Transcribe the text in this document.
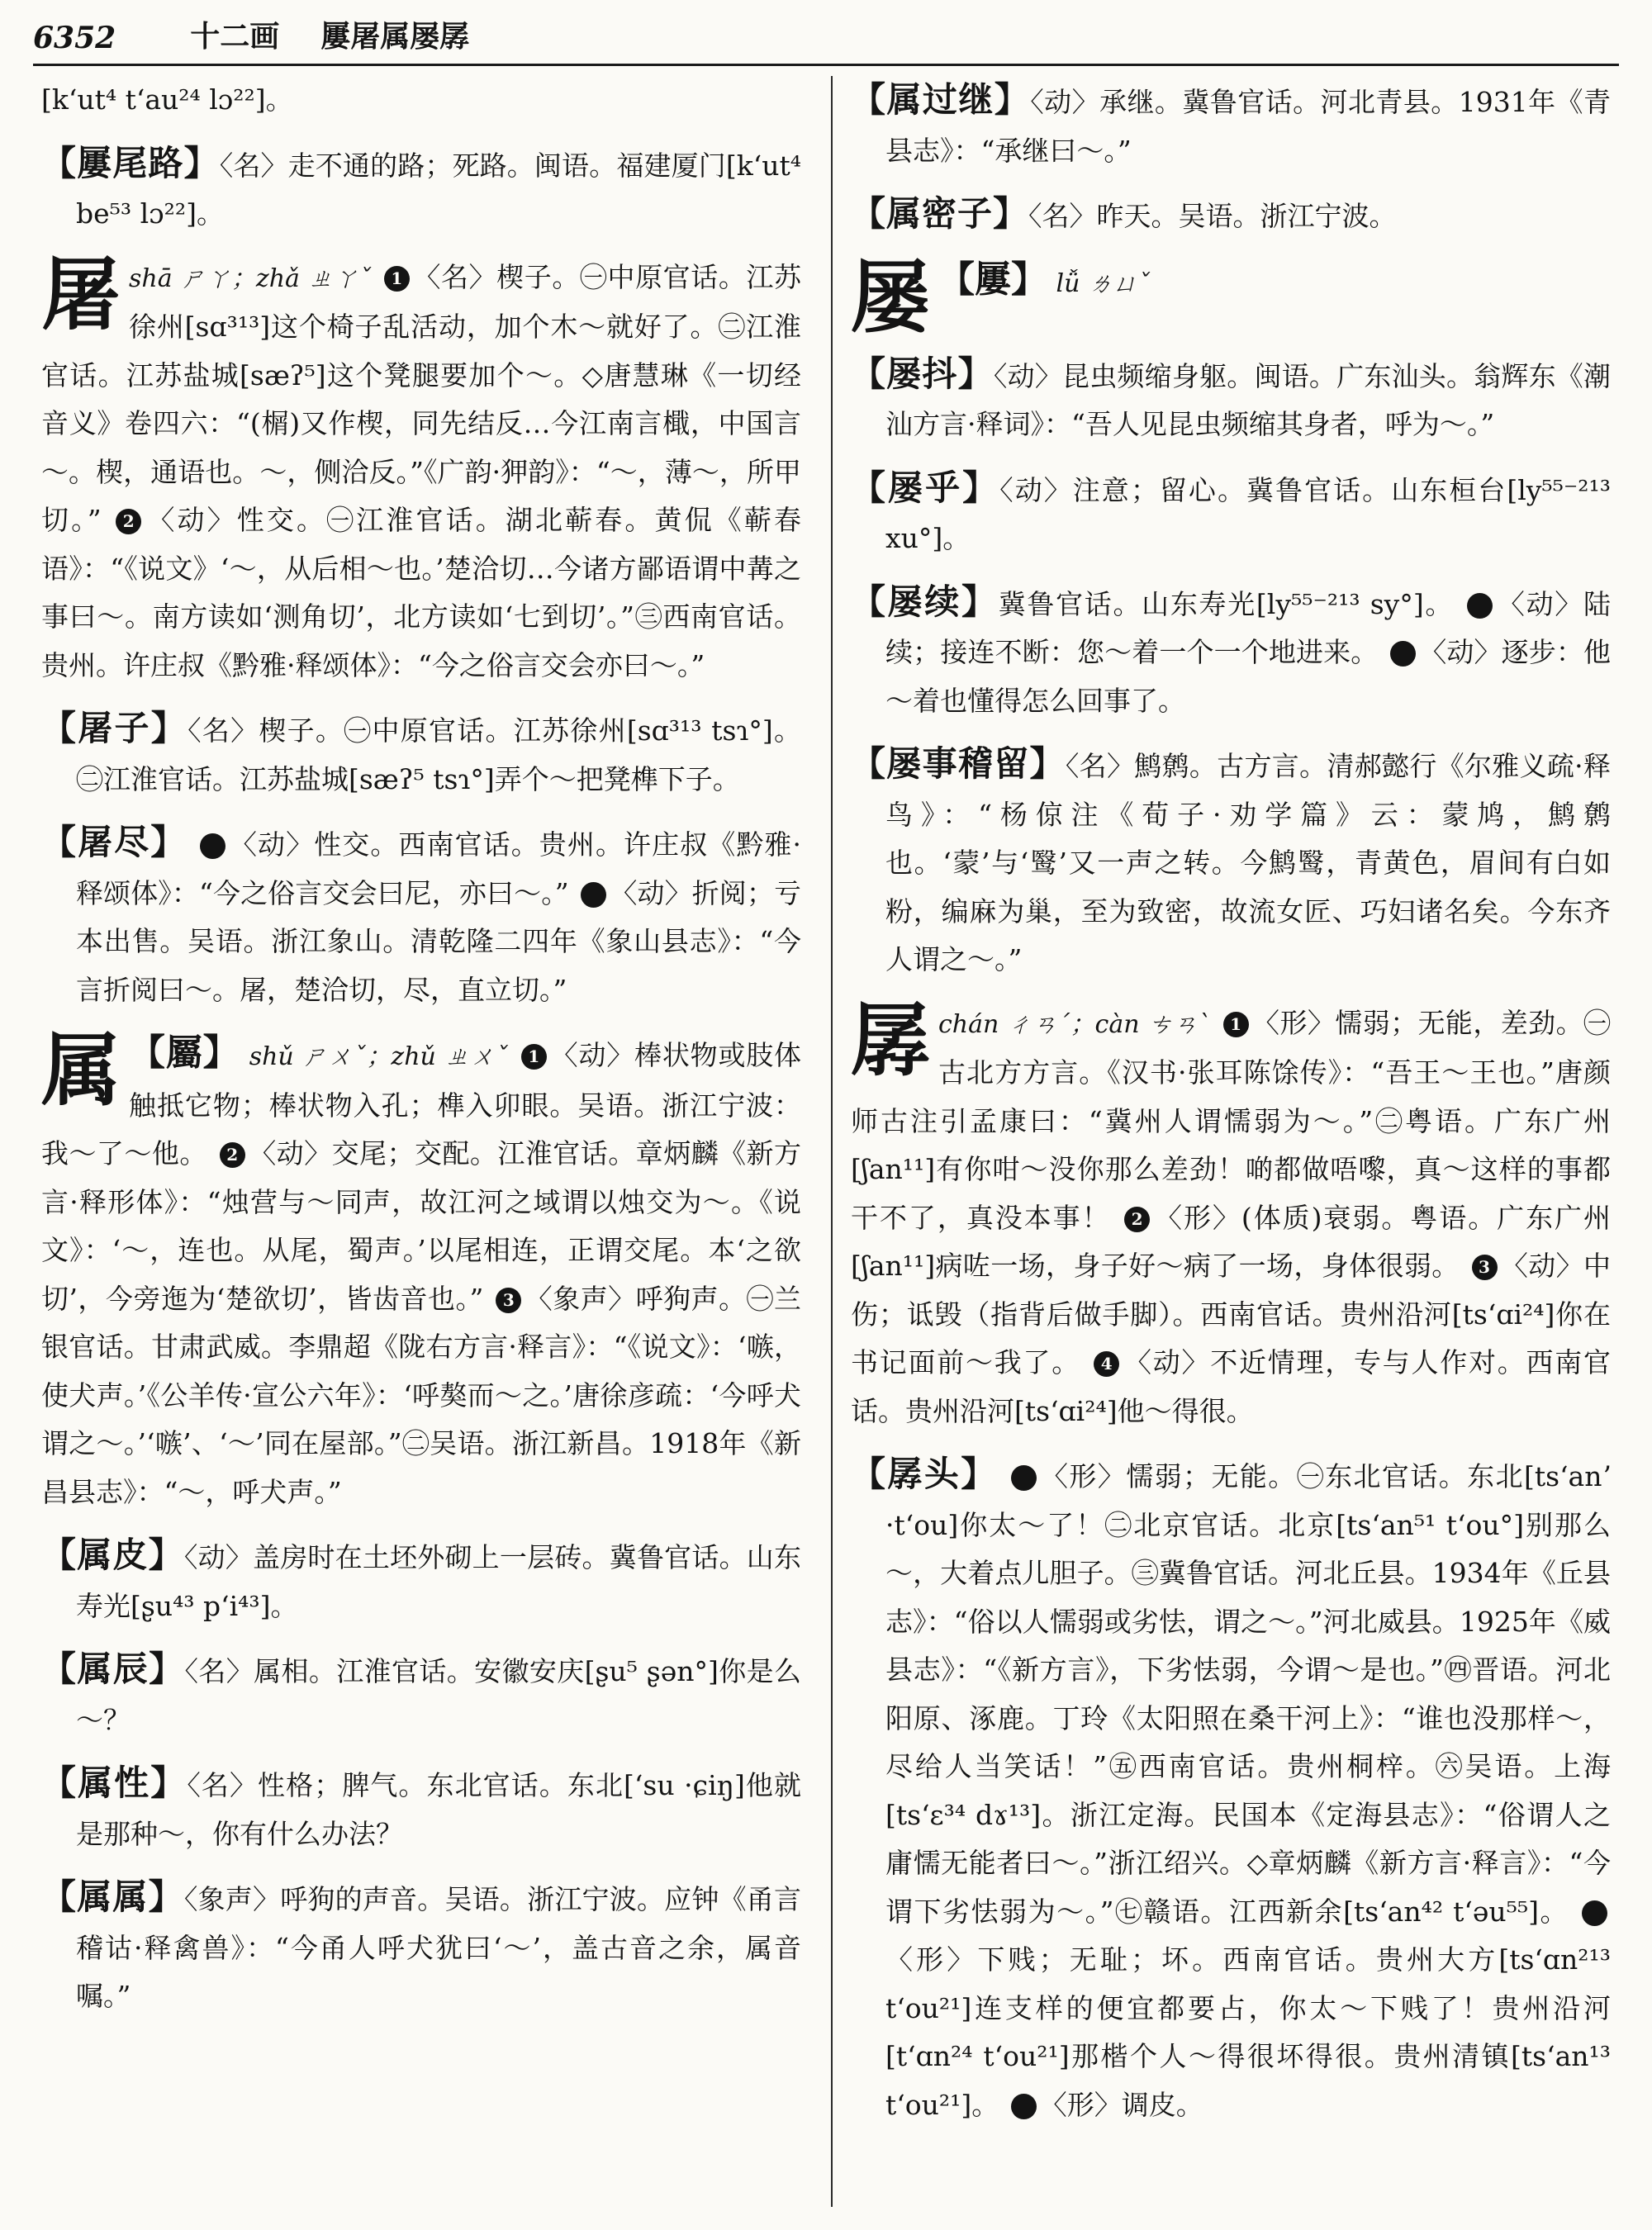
6352	十二画 屢屠属屡孱

[kʻut⁴ tʻau²⁴ lɔ²²]。

【屢尾路】〈名〉走不通的路；死路。闽语。福建厦门[kʻut⁴ be⁵³ lɔ²²]。

屠 shā ㄕㄚ；zhǎ ㄓㄚˇ 1 〈名〉楔子。㊀中原官话。江苏徐州[sɑ³¹³]这个椅子乱活动，加个木～就好了。㊁江淮官话。江苏盐城[sæʔ⁵]这个凳腿要加个～。◇唐慧琳《一切经音义》卷四六：“(榍)又作楔，同先结反…今江南言檝，中国言～。楔，通语也。～，侧洽反。”《广韵·狎韵》：“～，薄～，所甲切。” 2 〈动〉性交。㊀江淮官话。湖北蕲春。黄侃《蕲春语》：“《说文》‘～，从后相～也。’楚洽切…今诸方鄙语谓中冓之事曰～。南方读如‘测角切’，北方读如‘七到切’。”㊂西南官话。贵州。许庄叔《黔雅·释颂体》：“今之俗言交会亦曰～。”

【屠子】〈名〉楔子。㊀中原官话。江苏徐州[sɑ³¹³ tsɿ°]。㊁江淮官话。江苏盐城[sæʔ⁵ tsɿ°]弄个～把凳榫下子。

【屠尽】 1 〈动〉性交。西南官话。贵州。许庄叔《黔雅·释颂体》：“今之俗言交会曰尼，亦曰～。” 2 〈动〉折阅；亏本出售。吴语。浙江象山。清乾隆二四年《象山县志》：“今言折阅曰～。屠，楚洽切，尽，直立切。”

属 【屬】 shǔ ㄕㄨˇ；zhǔ ㄓㄨˇ 1 〈动〉棒状物或肢体触抵它物；棒状物入孔；榫入卯眼。吴语。浙江宁波：我～了～他。 2 〈动〉交尾；交配。江淮官话。章炳麟《新方言·释形体》：“烛营与～同声，故江河之域谓以烛交为～。《说文》：‘～，连也。从尾，蜀声。’以尾相连，正谓交尾。本‘之欲切’，今旁迤为‘楚欲切’，皆齿音也。” 3 〈象声〉呼狗声。㊀兰银官话。甘肃武威。李鼎超《陇右方言·释言》：“《说文》：‘嗾，使犬声。’《公羊传·宣公六年》：‘呼獒而～之。’唐徐彦疏：‘今呼犬谓之～。’‘嗾’、‘～’同在屋部。”㊁吴语。浙江新昌。1918年《新昌县志》：“～，呼犬声。”

【属皮】〈动〉盖房时在土坯外砌上一层砖。冀鲁官话。山东寿光[ʂu⁴³ pʻi⁴³]。

【属辰】〈名〉属相。江淮官话。安徽安庆[ʂu⁵ ʂən°]你是么～？

【属性】〈名〉性格；脾气。东北官话。东北[ʻsu ·ɕiŋ]他就是那种～，你有什么办法？

【属属】〈象声〉呼狗的声音。吴语。浙江宁波。应钟《甬言稽诂·释禽兽》：“今甬人呼犬犹曰‘～’，盖古音之余，属音嘱。”

【属过继】〈动〉承继。冀鲁官话。河北青县。1931年《青县志》：“承继曰～。”

【属密子】〈名〉昨天。吴语。浙江宁波。

屡 【屢】 lǚ ㄌㄩˇ

【屡抖】〈动〉昆虫频缩身躯。闽语。广东汕头。翁辉东《潮汕方言·释词》：“吾人见昆虫频缩其身者，呼为～。”

【屡乎】〈动〉注意；留心。冀鲁官话。山东桓台[ly⁵⁵⁻²¹³ xu°]。

【屡续】冀鲁官话。山东寿光[ly⁵⁵⁻²¹³ sy°]。 1 〈动〉陆续；接连不断：您～着一个一个地进来。 2 〈动〉逐步：他～着也懂得怎么回事了。

【屡事稽留】〈名〉鹪鹩。古方言。清郝懿行《尔雅义疏·释鸟》：“杨倞注《荀子·劝学篇》云：蒙鸠，鹪鹩也。‘蒙’与‘鹥’又一声之转。今鹪鹥，青黄色，眉间有白如粉，编麻为巢，至为致密，故流女匠、巧妇诸名矣。今东齐人谓之～。”

孱 chán ㄔㄢˊ；càn ㄘㄢˋ 1 〈形〉懦弱；无能，差劲。㊀古北方方言。《汉书·张耳陈馀传》：“吾王～王也。”唐颜师古注引孟康曰：“冀州人谓懦弱为～。”㊁粤语。广东广州[ʃan¹¹]有你咁～没你那么差劲！啲都做唔嚟，真～这样的事都干不了，真没本事！ 2 〈形〉(体质)衰弱。粤语。广东广州[ʃan¹¹]病咗一场，身子好～病了一场，身体很弱。 3 〈动〉中伤；诋毁（指背后做手脚）。西南官话。贵州沿河[tsʻɑi²⁴]你在书记面前～我了。 4 〈动〉不近情理，专与人作对。西南官话。贵州沿河[tsʻɑi²⁴]他～得很。

【孱头】 1 〈形〉懦弱；无能。㊀东北官话。东北[tsʻanʼ ·tʻou]你太～了！㊁北京官话。北京[tsʻan⁵¹ tʻou°]别那么～，大着点儿胆子。㊂冀鲁官话。河北丘县。1934年《丘县志》：“俗以人懦弱或劣怯，谓之～。”河北威县。1925年《威县志》：“《新方言》，下劣怯弱，今谓～是也。”㊃晋语。河北阳原、涿鹿。丁玲《太阳照在桑干河上》：“谁也没那样～，尽给人当笑话！”㊄西南官话。贵州桐梓。㊅吴语。上海[tsʻɛ³⁴ dɤ¹³]。浙江定海。民国本《定海县志》：“俗谓人之庸懦无能者曰～。”浙江绍兴。◇章炳麟《新方言·释言》：“今谓下劣怯弱为～。”㊆赣语。江西新余[tsʻan⁴² tʻəu⁵⁵]。 2〈形〉下贱；无耻；坏。西南官话。贵州大方[tsʻɑn²¹³ tʻou²¹]连支样的便宜都要占，你太～下贱了！贵州沿河[tʻɑn²⁴ tʻou²¹]那楷个人～得很坏得很。贵州清镇[tsʻan¹³ tʻou²¹]。 3 〈形〉调皮。
